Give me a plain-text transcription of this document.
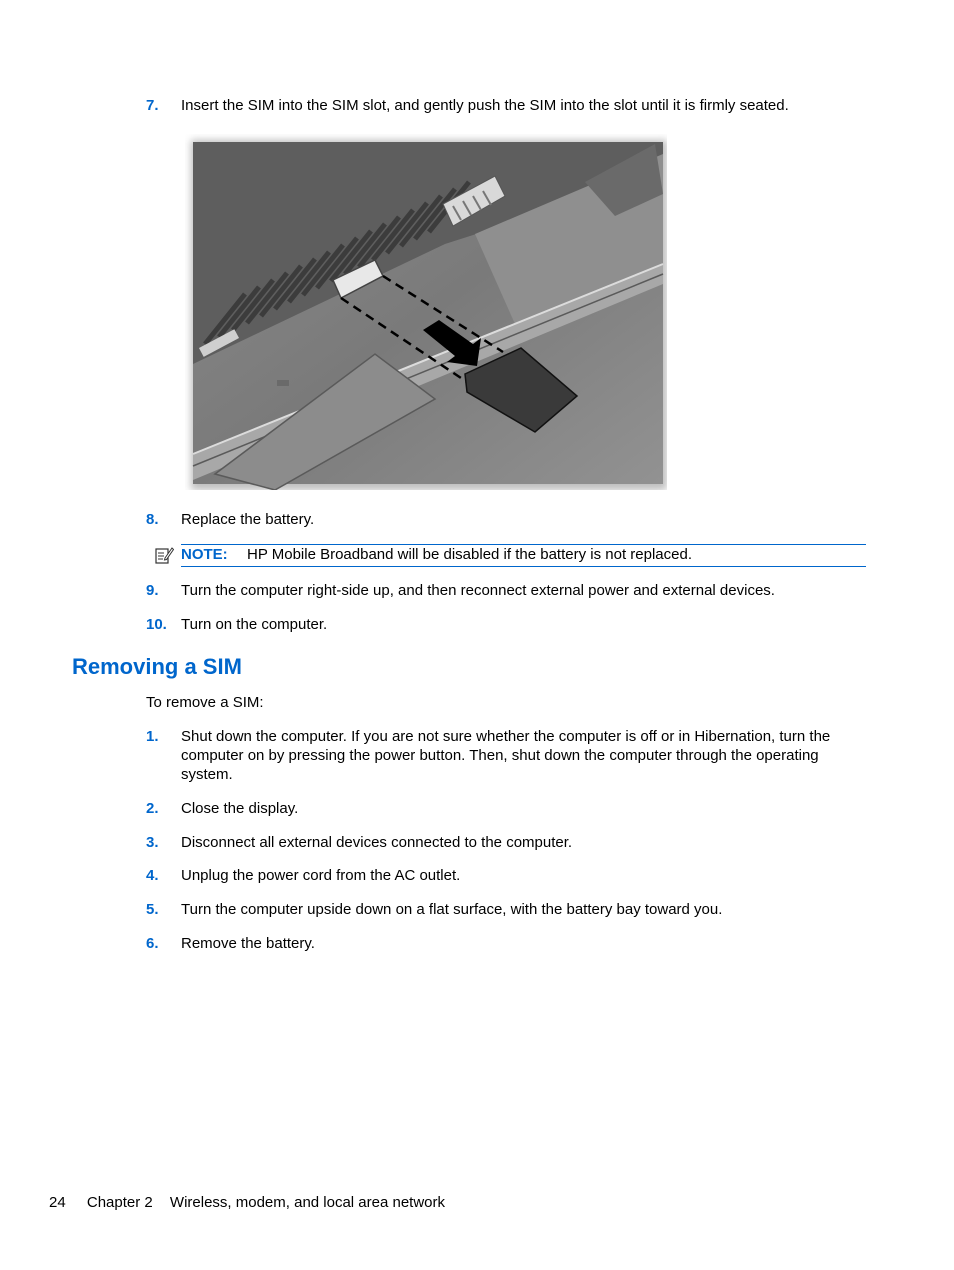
7. Insert the SIM into the SIM slot, and gently push the SIM into the slot until it is firmly seated.
8. Replace the battery.
NOTE: HP Mobile Broadband will be disabled if the battery is not replaced.
9. Turn the computer right-side up, and then reconnect external power and external devices.
10. Turn on the computer.
Removing a SIM
To remove a SIM:
1. Shut down the computer. If you are not sure whether the computer is off or in Hibernation, turn the computer on by pressing the power button. Then, shut down the computer through the operating system.
2. Close the display.
3. Disconnect all external devices connected to the computer.
4. Unplug the power cord from the AC outlet.
5. Turn the computer upside down on a flat surface, with the battery bay toward you.
6. Remove the battery.
24 Chapter 2 Wireless, modem, and local area network
